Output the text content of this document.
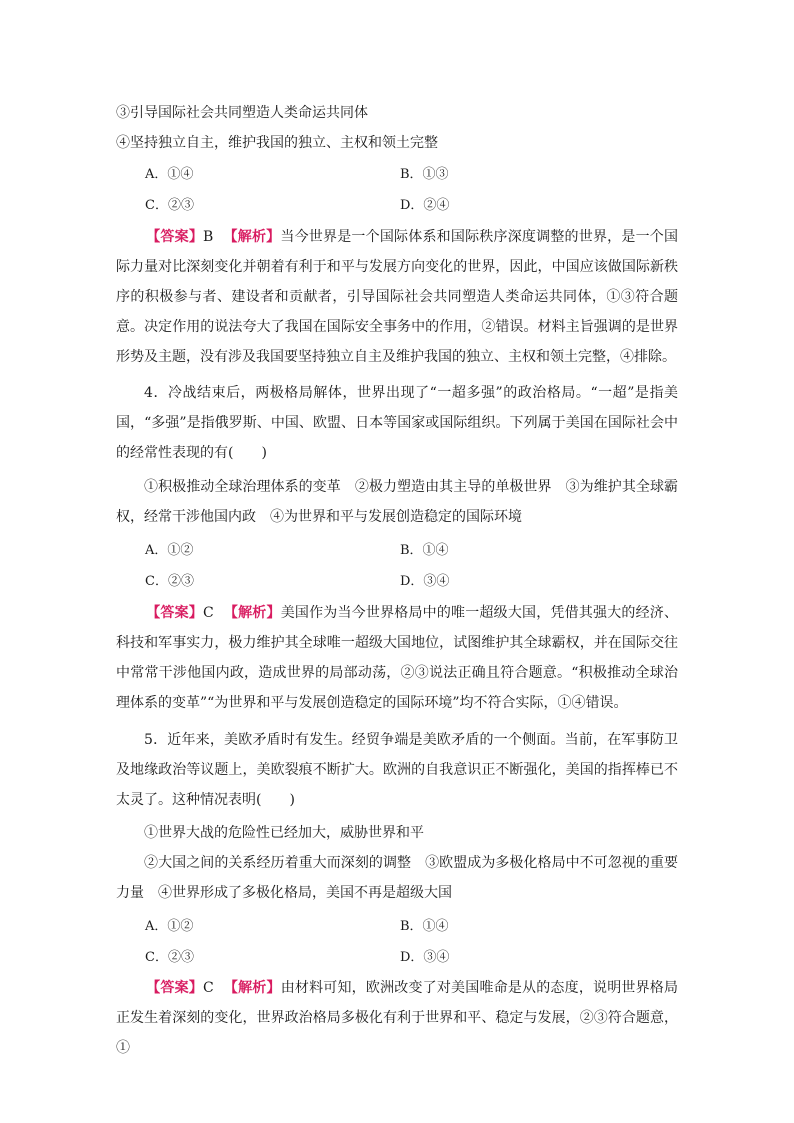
③引导国际社会共同塑造人类命运共同体
④坚持独立自主，维护我国的独立、主权和领土完整
A．①④	B．①③
C．②③	D．②④
【答案】B 【解析】当今世界是一个国际体系和国际秩序深度调整的世界，是一个国际力量对比深刻变化并朝着有利于和平与发展方向变化的世界，因此，中国应该做国际新秩序的积极参与者、建设者和贡献者，引导国际社会共同塑造人类命运共同体，①③符合题意。决定作用的说法夸大了我国在国际安全事务中的作用，②错误。材料主旨强调的是世界形势及主题，没有涉及我国要坚持独立自主及维护我国的独立、主权和领土完整，④排除。
4．冷战结束后，两极格局解体，世界出现了“一超多强”的政治格局。“一超”是指美国，“多强”是指俄罗斯、中国、欧盟、日本等国家或国际组织。下列属于美国在国际社会中的经常性表现的有(　　)
①积极推动全球治理体系的变革　②极力塑造由其主导的单极世界　③为维护其全球霸权，经常干涉他国内政　④为世界和平与发展创造稳定的国际环境
A．①②	B．①④
C．②③	D．③④
【答案】C 【解析】美国作为当今世界格局中的唯一超级大国，凭借其强大的经济、科技和军事实力，极力维护其全球唯一超级大国地位，试图维护其全球霸权，并在国际交往中常常干涉他国内政，造成世界的局部动荡，②③说法正确且符合题意。“积极推动全球治理体系的变革”“为世界和平与发展创造稳定的国际环境”均不符合实际，①④错误。
5．近年来，美欧矛盾时有发生。经贸争端是美欧矛盾的一个侧面。当前，在军事防卫及地缘政治等议题上，美欧裂痕不断扩大。欧洲的自我意识正不断强化，美国的指挥棒已不太灵了。这种情况表明(　　)
①世界大战的危险性已经加大，威胁世界和平
②大国之间的关系经历着重大而深刻的调整　③欧盟成为多极化格局中不可忽视的重要力量　④世界形成了多极化格局，美国不再是超级大国
A．①②	B．①④
C．②③	D．③④
【答案】C 【解析】由材料可知，欧洲改变了对美国唯命是从的态度，说明世界格局正发生着深刻的变化，世界政治格局多极化有利于世界和平、稳定与发展，②③符合题意，①
